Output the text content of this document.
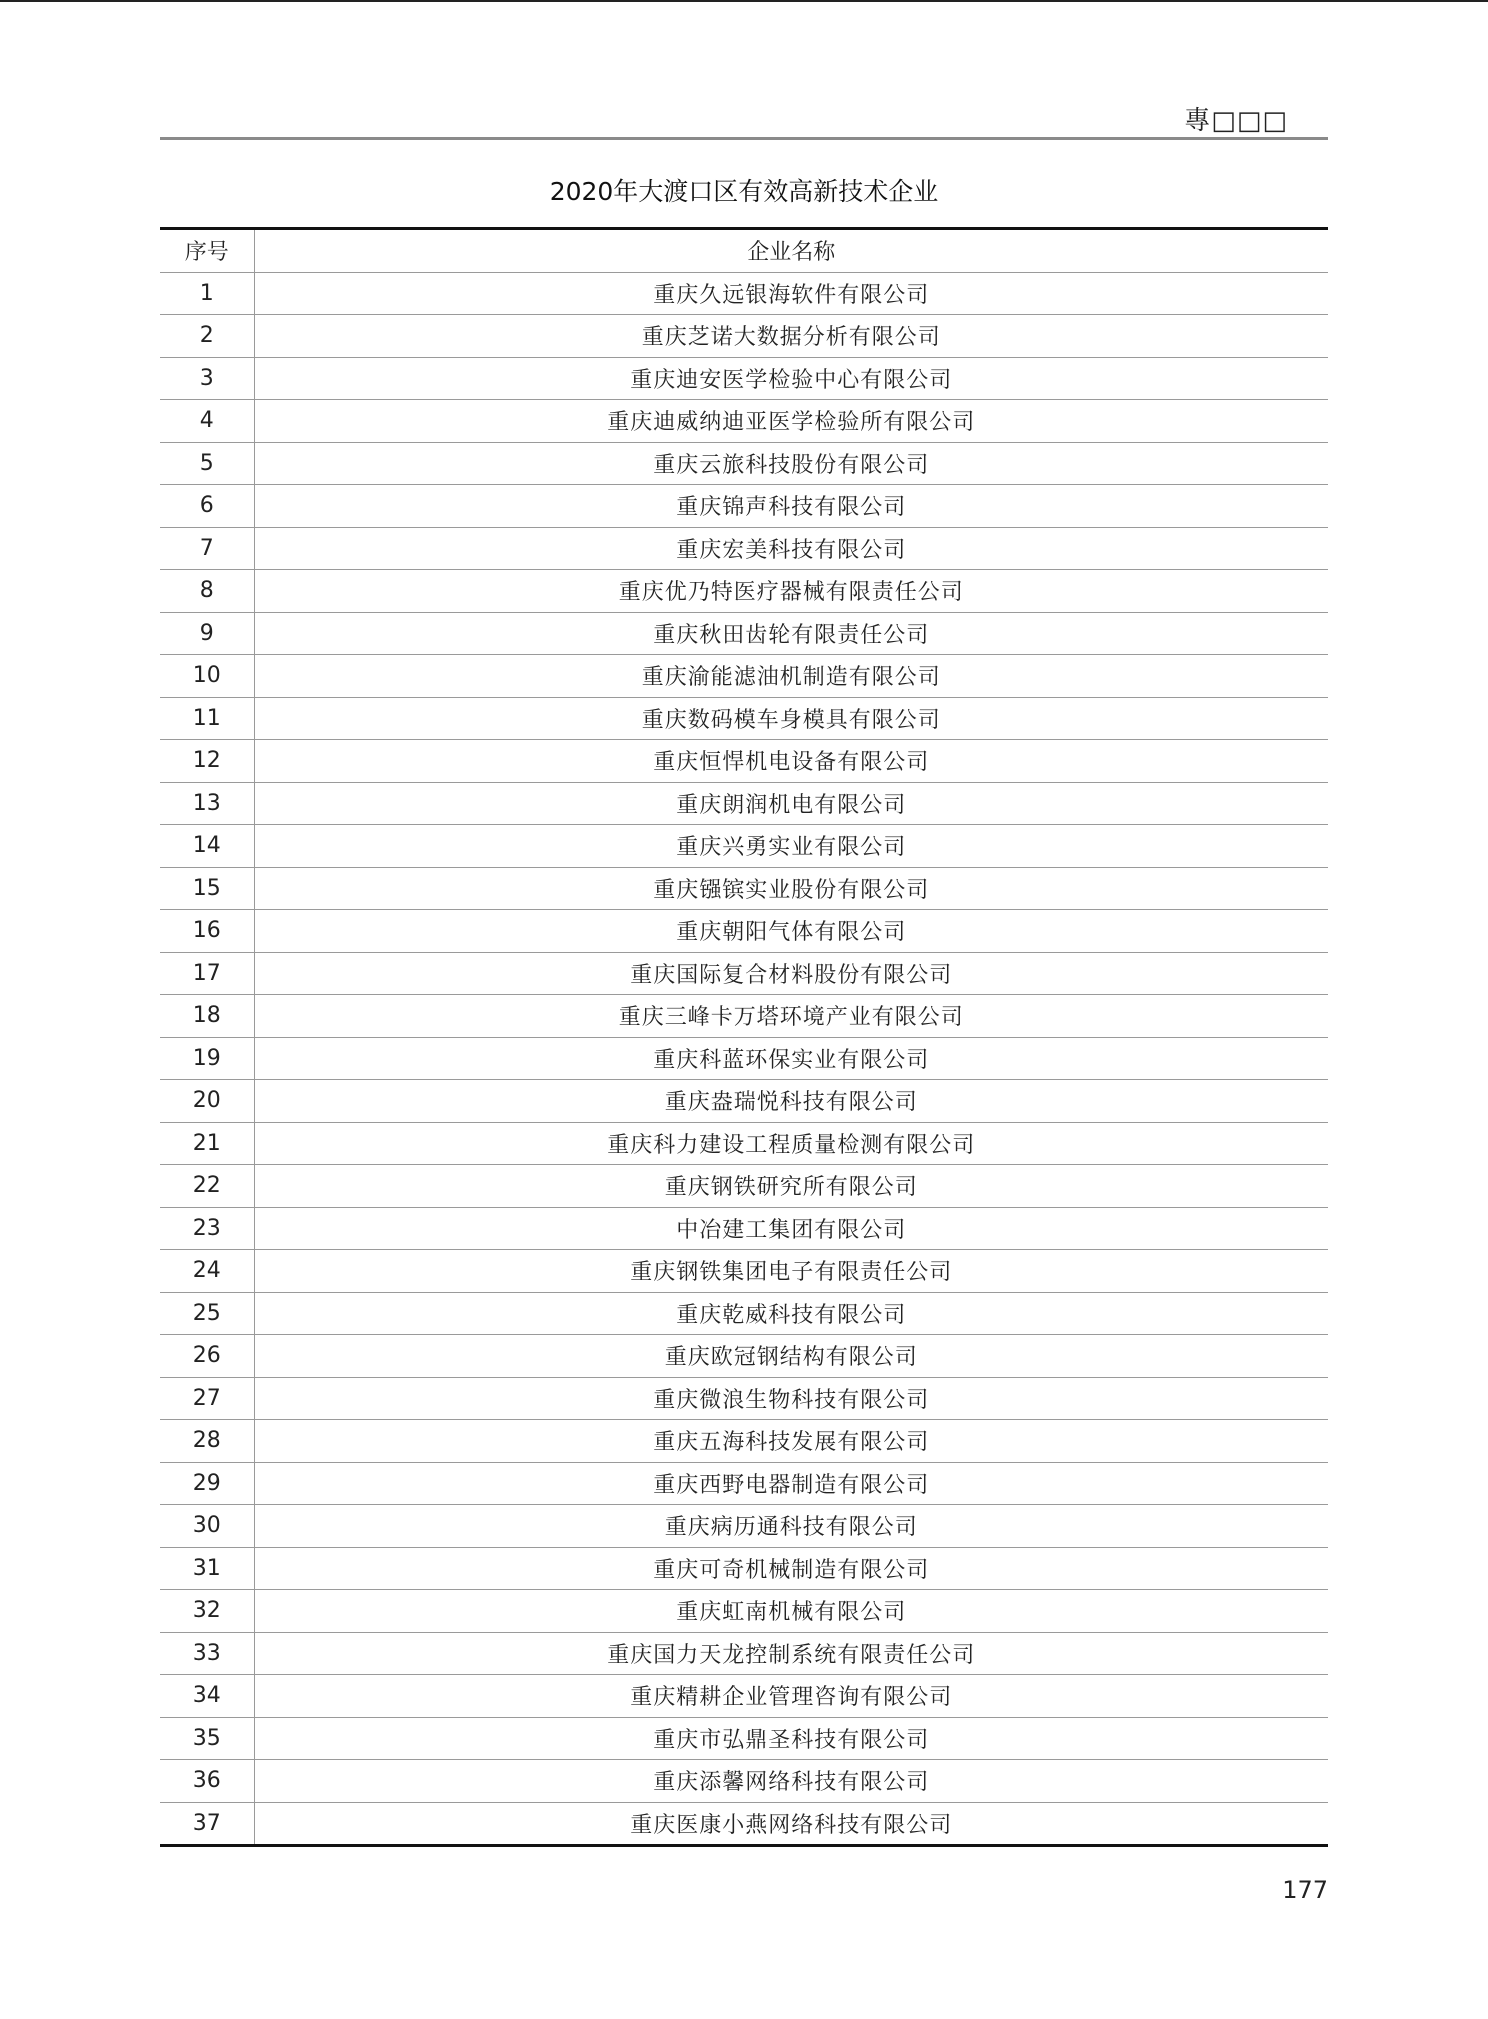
專□□□
2020年大渡口区有效高新技术企业
序号	企业名称
1	重庆久远银海软件有限公司
2	重庆芝诺大数据分析有限公司
3	重庆迪安医学检验中心有限公司
4	重庆迪威纳迪亚医学检验所有限公司
5	重庆云旅科技股份有限公司
6	重庆锦声科技有限公司
7	重庆宏美科技有限公司
8	重庆优乃特医疗器械有限责任公司
9	重庆秋田齿轮有限责任公司
10	重庆渝能滤油机制造有限公司
11	重庆数码模车身模具有限公司
12	重庆恒悍机电设备有限公司
13	重庆朗润机电有限公司
14	重庆兴勇实业有限公司
15	重庆镪镔实业股份有限公司
16	重庆朝阳气体有限公司
17	重庆国际复合材料股份有限公司
18	重庆三峰卡万塔环境产业有限公司
19	重庆科蓝环保实业有限公司
20	重庆盎瑞悦科技有限公司
21	重庆科力建设工程质量检测有限公司
22	重庆钢铁研究所有限公司
23	中冶建工集团有限公司
24	重庆钢铁集团电子有限责任公司
25	重庆乾威科技有限公司
26	重庆欧冠钢结构有限公司
27	重庆微浪生物科技有限公司
28	重庆五海科技发展有限公司
29	重庆西野电器制造有限公司
30	重庆病历通科技有限公司
31	重庆可奇机械制造有限公司
32	重庆虹南机械有限公司
33	重庆国力天龙控制系统有限责任公司
34	重庆精耕企业管理咨询有限公司
35	重庆市弘鼎圣科技有限公司
36	重庆添馨网络科技有限公司
37	重庆医康小燕网络科技有限公司
177
